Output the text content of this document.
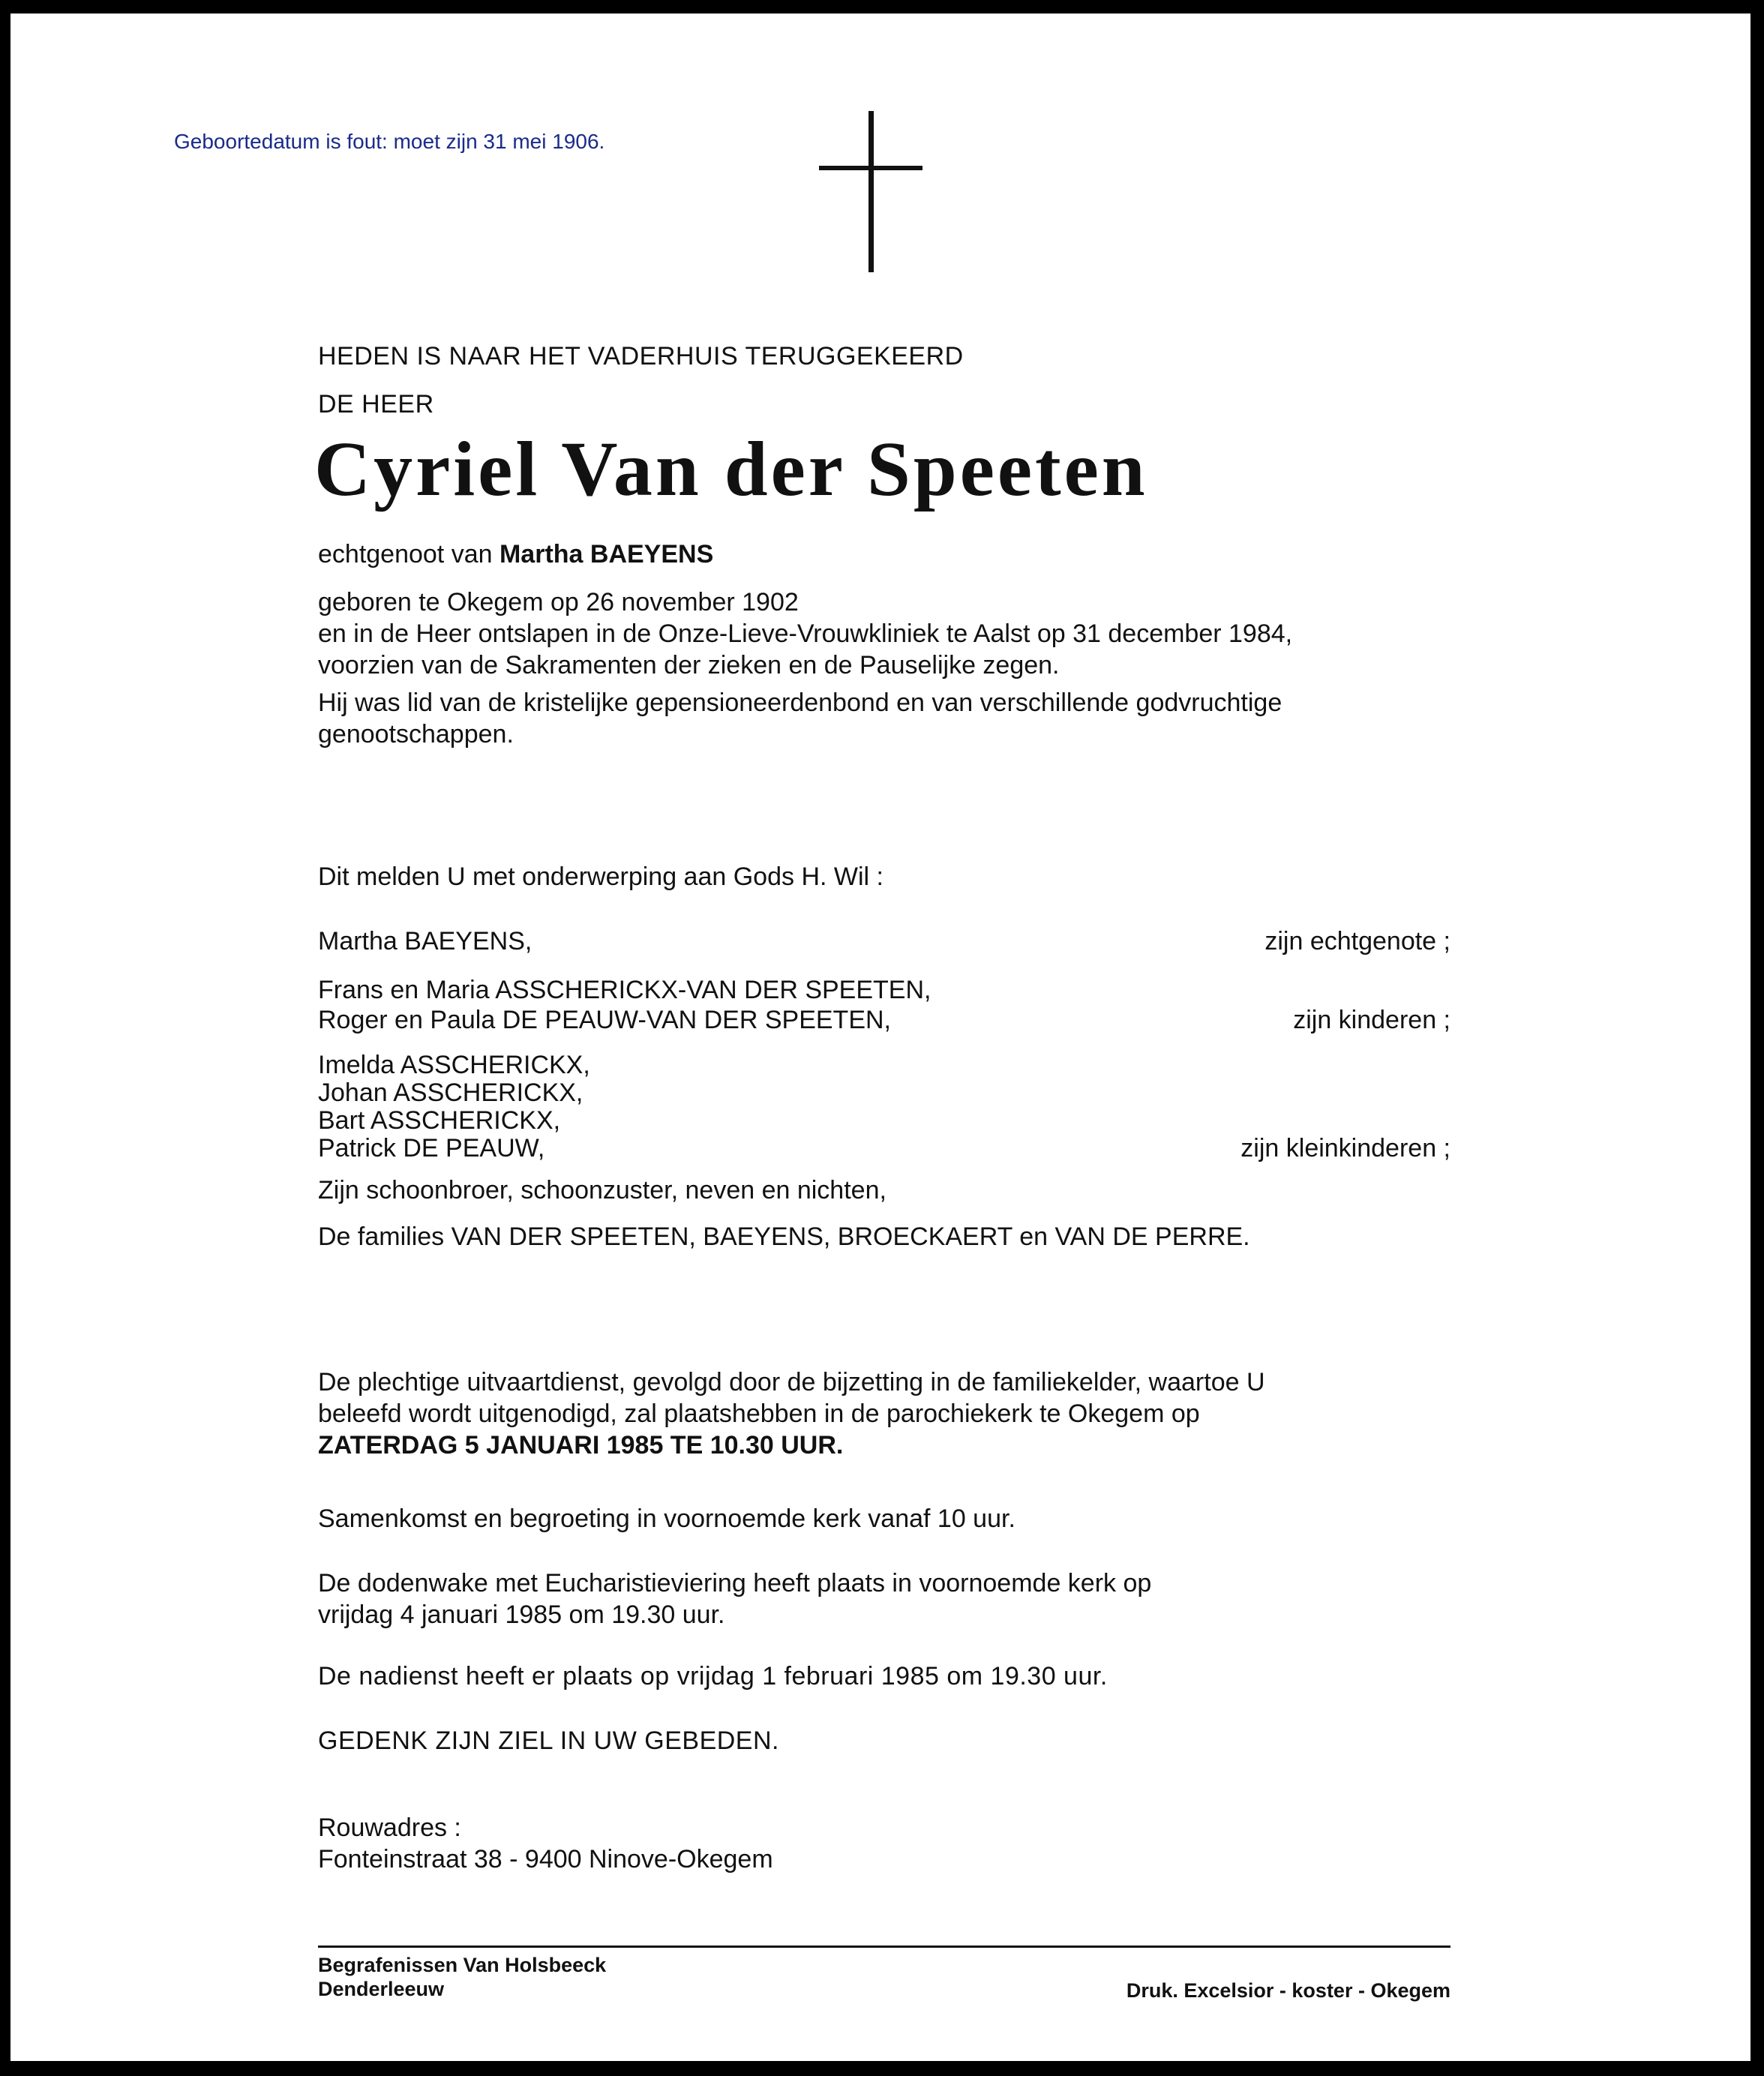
Geboortedatum is fout: moet zijn 31 mei 1906.
HEDEN IS NAAR HET VADERHUIS TERUGGEKEERD
DE HEER
Cyriel Van der Speeten
echtgenoot van Martha BAEYENS
geboren te Okegem op 26 november 1902
en in de Heer ontslapen in de Onze-Lieve-Vrouwkliniek te Aalst op 31 december 1984,
voorzien van de Sakramenten der zieken en de Pauselijke zegen.
Hij was lid van de kristelijke gepensioneerdenbond en van verschillende godvruchtige
genootschappen.
Dit melden U met onderwerping aan Gods H. Wil :
Martha BAEYENS,	zijn echtgenote ;
Frans en Maria ASSCHERICKX-VAN DER SPEETEN,
Roger en Paula DE PEAUW-VAN DER SPEETEN,	zijn kinderen ;
Imelda ASSCHERICKX,
Johan ASSCHERICKX,
Bart ASSCHERICKX,
Patrick DE PEAUW,	zijn kleinkinderen ;
Zijn schoonbroer, schoonzuster, neven en nichten,
De families VAN DER SPEETEN, BAEYENS, BROECKAERT en VAN DE PERRE.
De plechtige uitvaartdienst, gevolgd door de bijzetting in de familiekelder, waartoe U
beleefd wordt uitgenodigd, zal plaatshebben in de parochiekerk te Okegem op
ZATERDAG 5 JANUARI 1985 TE 10.30 UUR.
Samenkomst en begroeting in voornoemde kerk vanaf 10 uur.
De dodenwake met Eucharistieviering heeft plaats in voornoemde kerk op
vrijdag 4 januari 1985 om 19.30 uur.
De nadienst heeft er plaats op vrijdag 1 februari 1985 om 19.30 uur.
GEDENK ZIJN ZIEL IN UW GEBEDEN.
Rouwadres :
Fonteinstraat 38 - 9400 Ninove-Okegem
Begrafenissen Van Holsbeeck
Denderleeuw	Druk. Excelsior - koster - Okegem
